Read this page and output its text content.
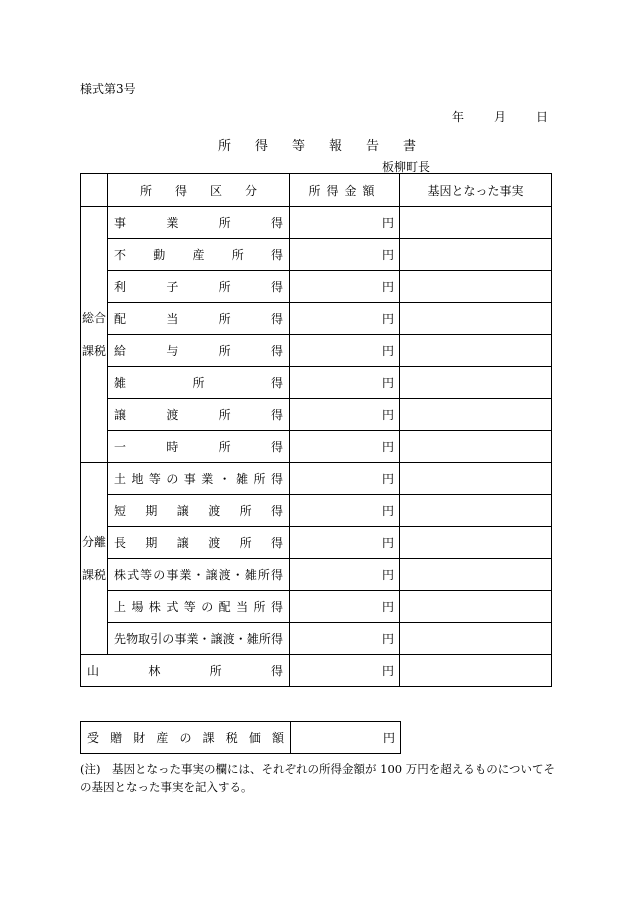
様式第3号
年	月	日
所得等報告書
板柳町長

	所得区分	所得金額	基因となった事実
総合課税	事業所得	円	

	不動産所得	円	

	利子所得	円	

	配当所得	円	

	給与所得	円	

	雑所得	円	

	譲渡所得	円	

	一時所得	円	
分離課税	土地等の事業・雑所得	円	

	短期譲渡所得	円	

	長期譲渡所得	円	

	株式等の事業・譲渡・雑所得	円	

	上場株式等の配当所得	円	

	先物取引の事業・譲渡・雑所得	円	

山林所得		円	
受贈財産の課税価額	円
(注)　基因となった事実の欄には、それぞれの所得金額が 100 万円を超えるものについてその基因となった事実を記入する。
